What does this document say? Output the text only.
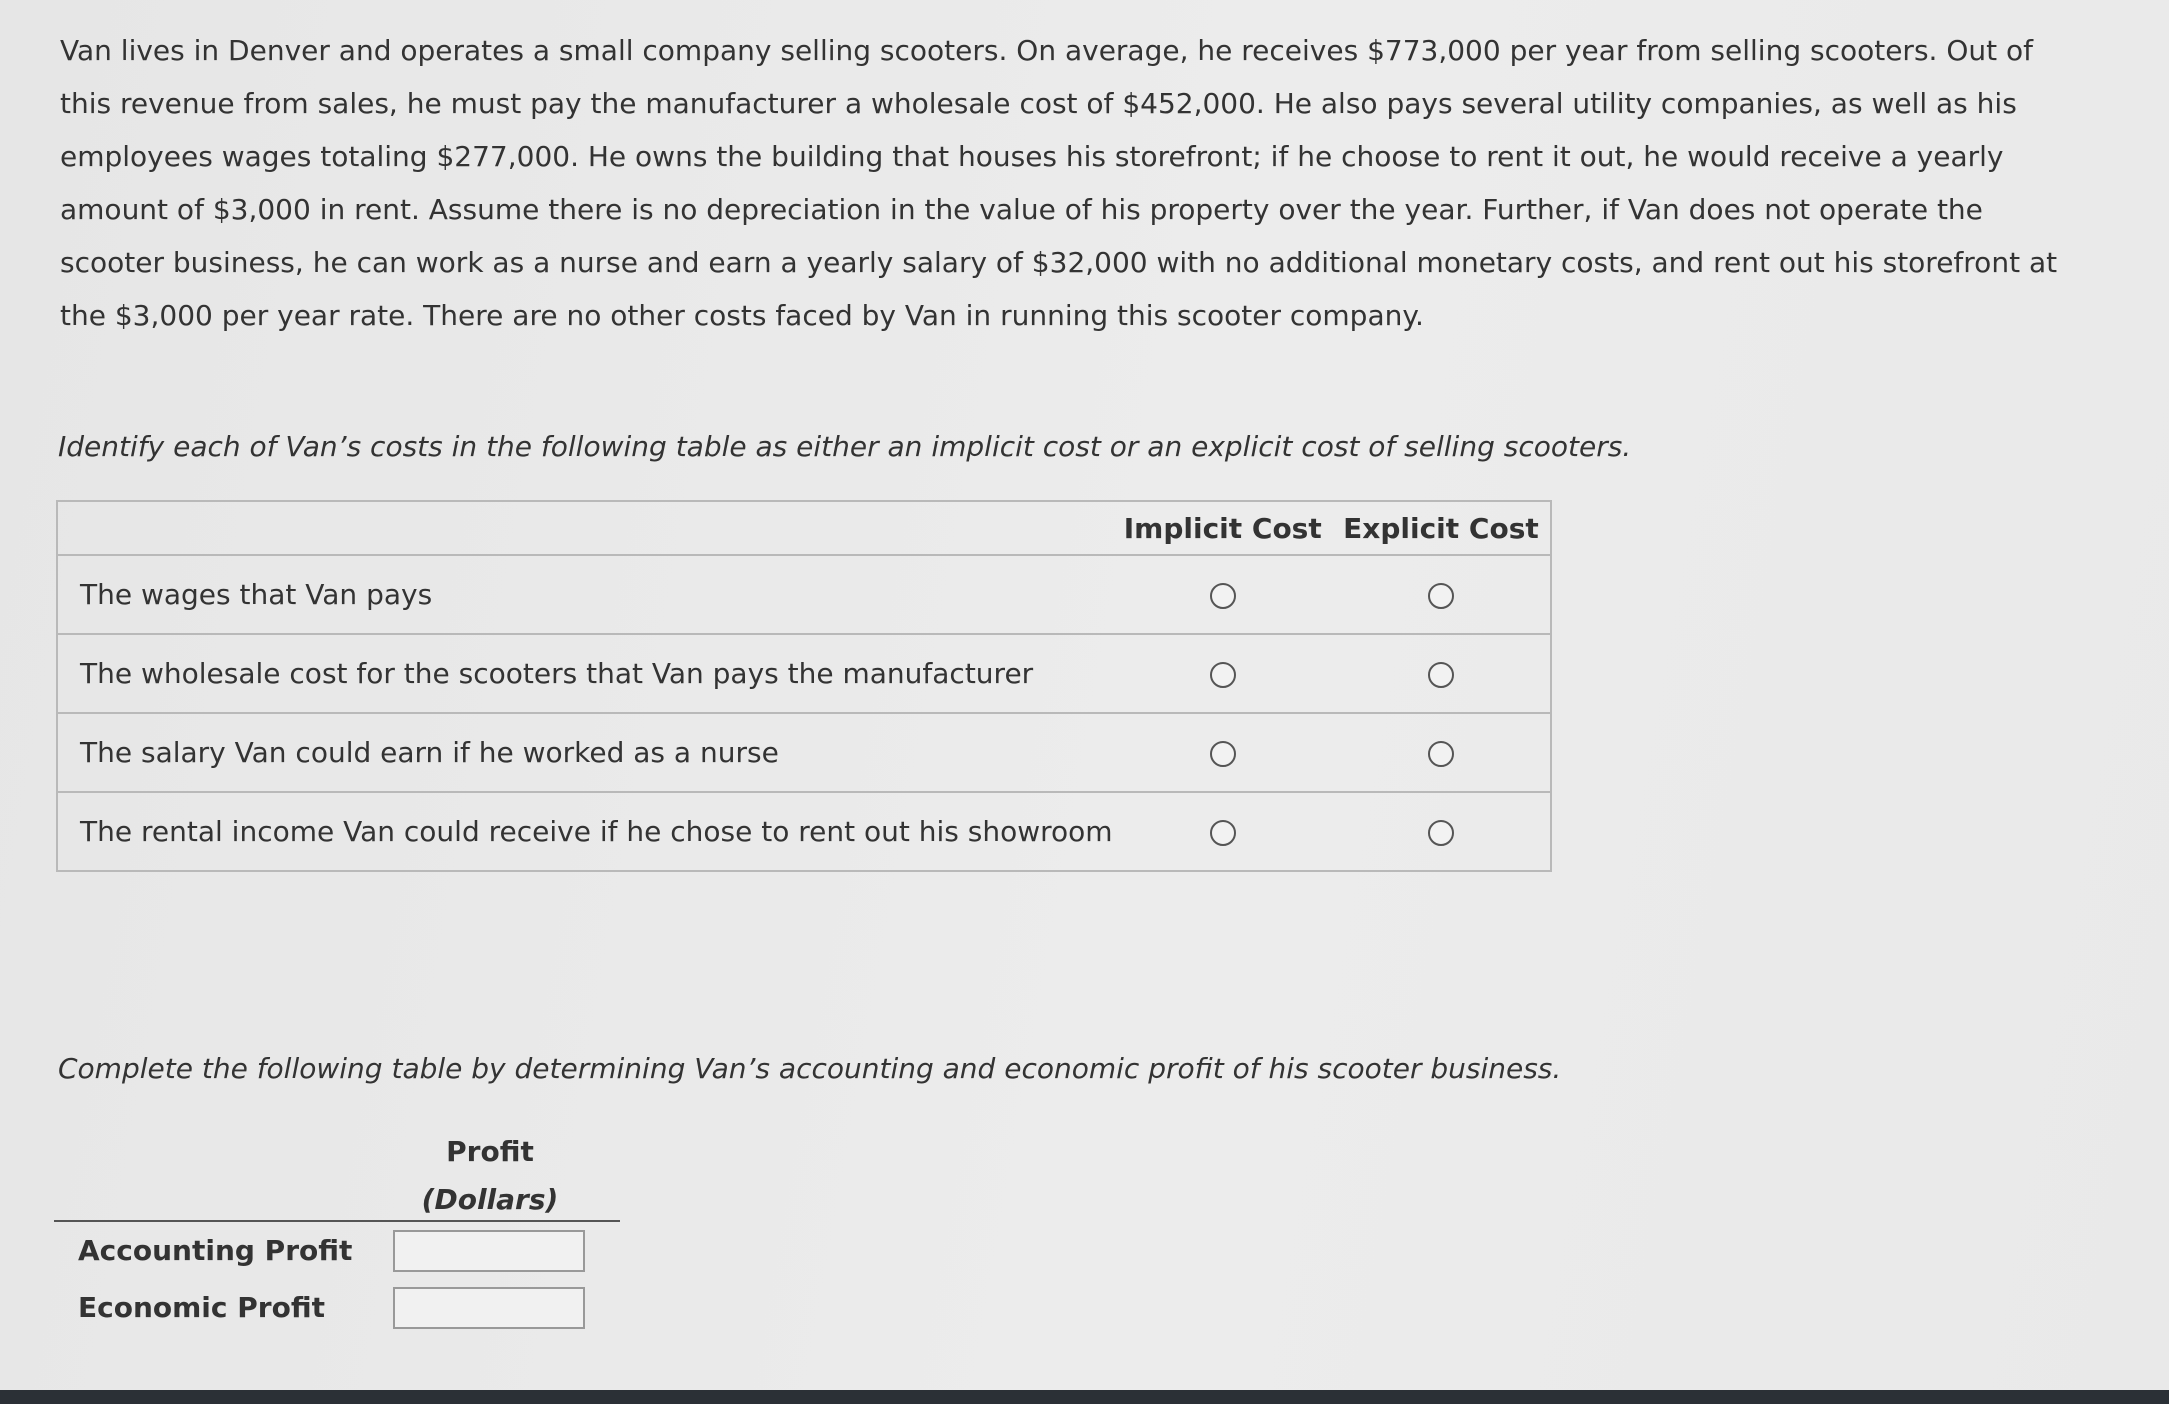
Van lives in Denver and operates a small company selling scooters. On average, he receives $773,000 per year from selling scooters. Out of this revenue from sales, he must pay the manufacturer a wholesale cost of $452,000. He also pays several utility companies, as well as his employees wages totaling $277,000. He owns the building that houses his storefront; if he choose to rent it out, he would receive a yearly amount of $3,000 in rent. Assume there is no depreciation in the value of his property over the year. Further, if Van does not operate the scooter business, he can work as a nurse and earn a yearly salary of $32,000 with no additional monetary costs, and rent out his storefront at the $3,000 per year rate. There are no other costs faced by Van in running this scooter company.
Identify each of Van’s costs in the following table as either an implicit cost or an explicit cost of selling scooters.
	Implicit Cost	Explicit Cost
The wages that Van pays		
The wholesale cost for the scooters that Van pays the manufacturer		
The salary Van could earn if he worked as a nurse		
The rental income Van could receive if he chose to rent out his showroom		
Complete the following table by determining Van’s accounting and economic profit of his scooter business.
Profit
(Dollars)
Accounting Profit
Economic Profit
